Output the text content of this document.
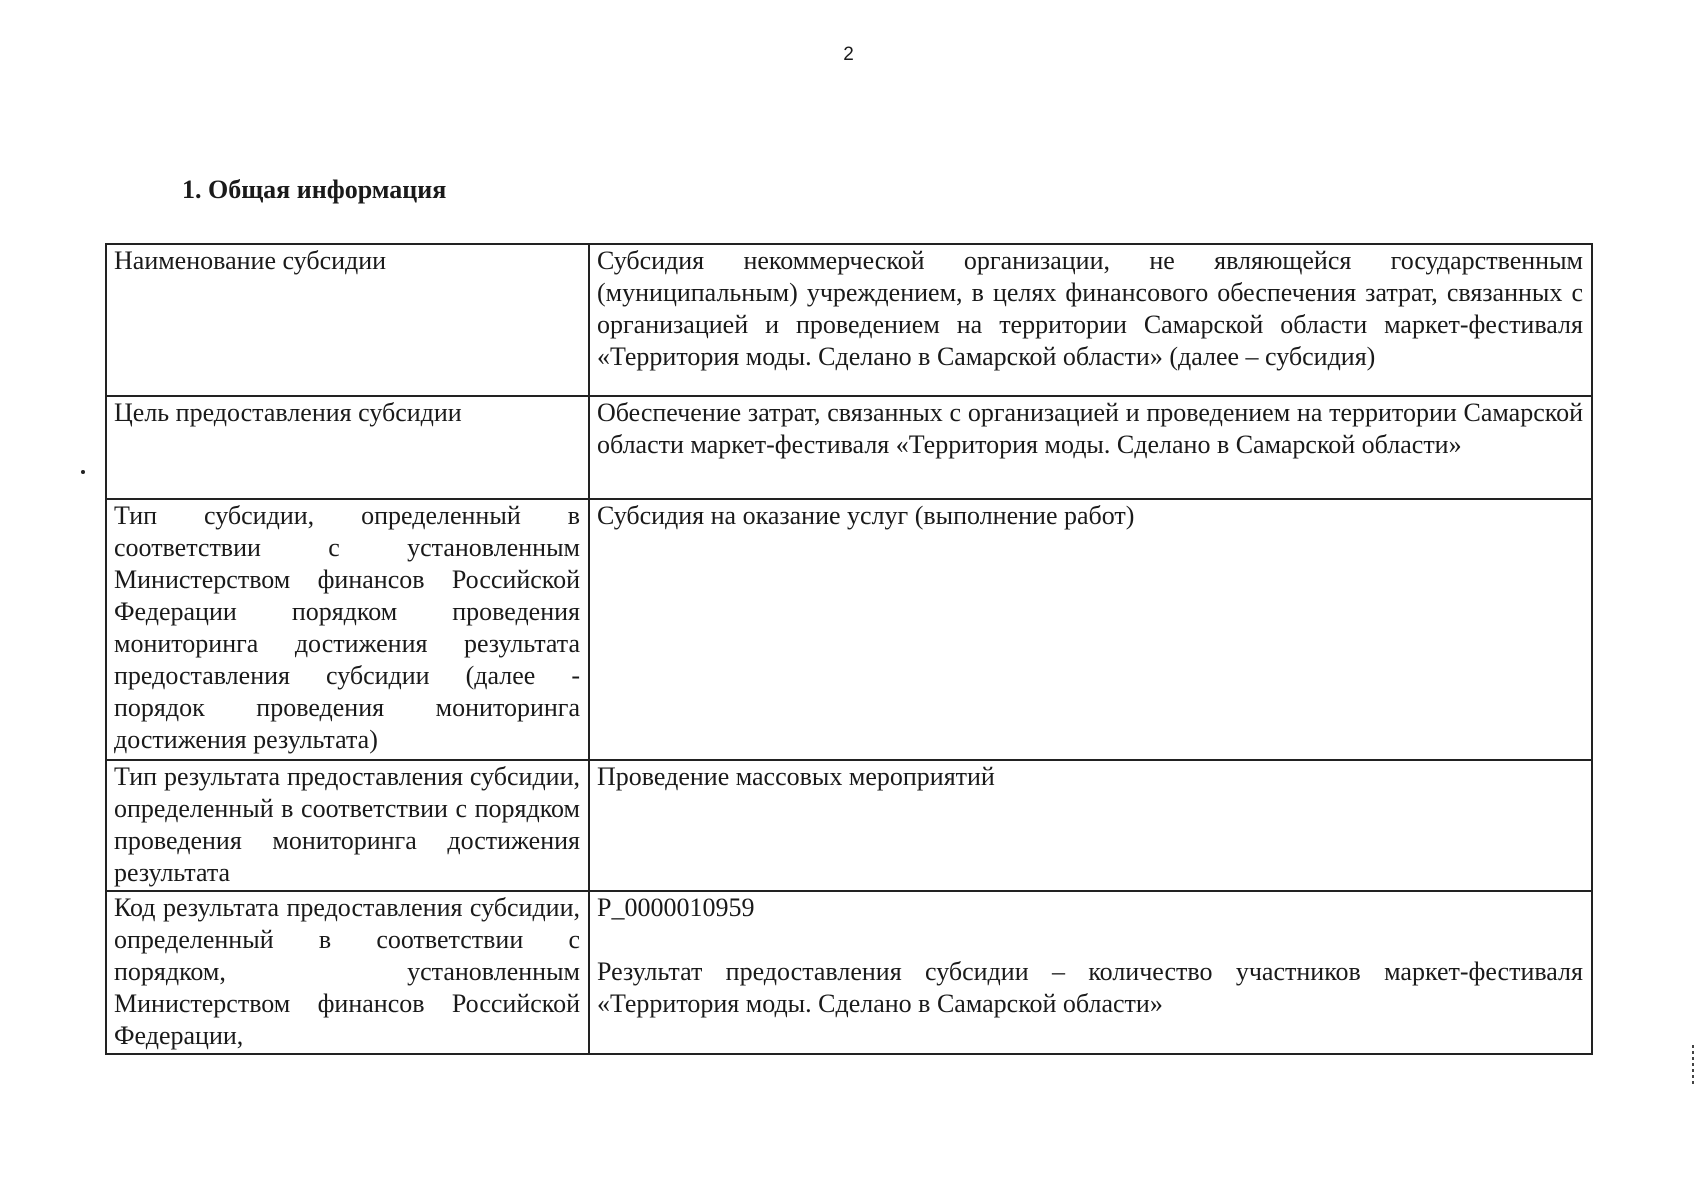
2
1. Общая информация
Наименование субсидии	Субсидия некоммерческой организации, не являющейся государственным (муниципальным) учреждением, в целях финансового обеспечения затрат, связанных с организацией и проведением на территории Самарской области маркет-фестиваля «Территория моды. Сделано в Самарской области» (далее – субсидия)

Цель предоставления субсидии	Обеспечение затрат, связанных с организацией и проведением на территории Самарской области маркет-фестиваля «Территория моды. Сделано в Самарской области»

Тип субсидии, определенный в соответствии с установленным Министерством финансов Российской Федерации порядком проведения мониторинга достижения результата предоставления субсидии (далее - порядок проведения мониторинга достижения результата)	Субсидия на оказание услуг (выполнение работ)

Тип результата предоставления субсидии, определенный в соответствии с порядком проведения мониторинга достижения результата	Проведение массовых мероприятий

Код результата предоставления субсидии, определенный в соответствии с порядком, установленным Министерством финансов Российской Федерации,	P_0000010959
Результат предоставления субсидии – количество участников маркет-фестиваля «Территория моды. Сделано в Самарской области»
